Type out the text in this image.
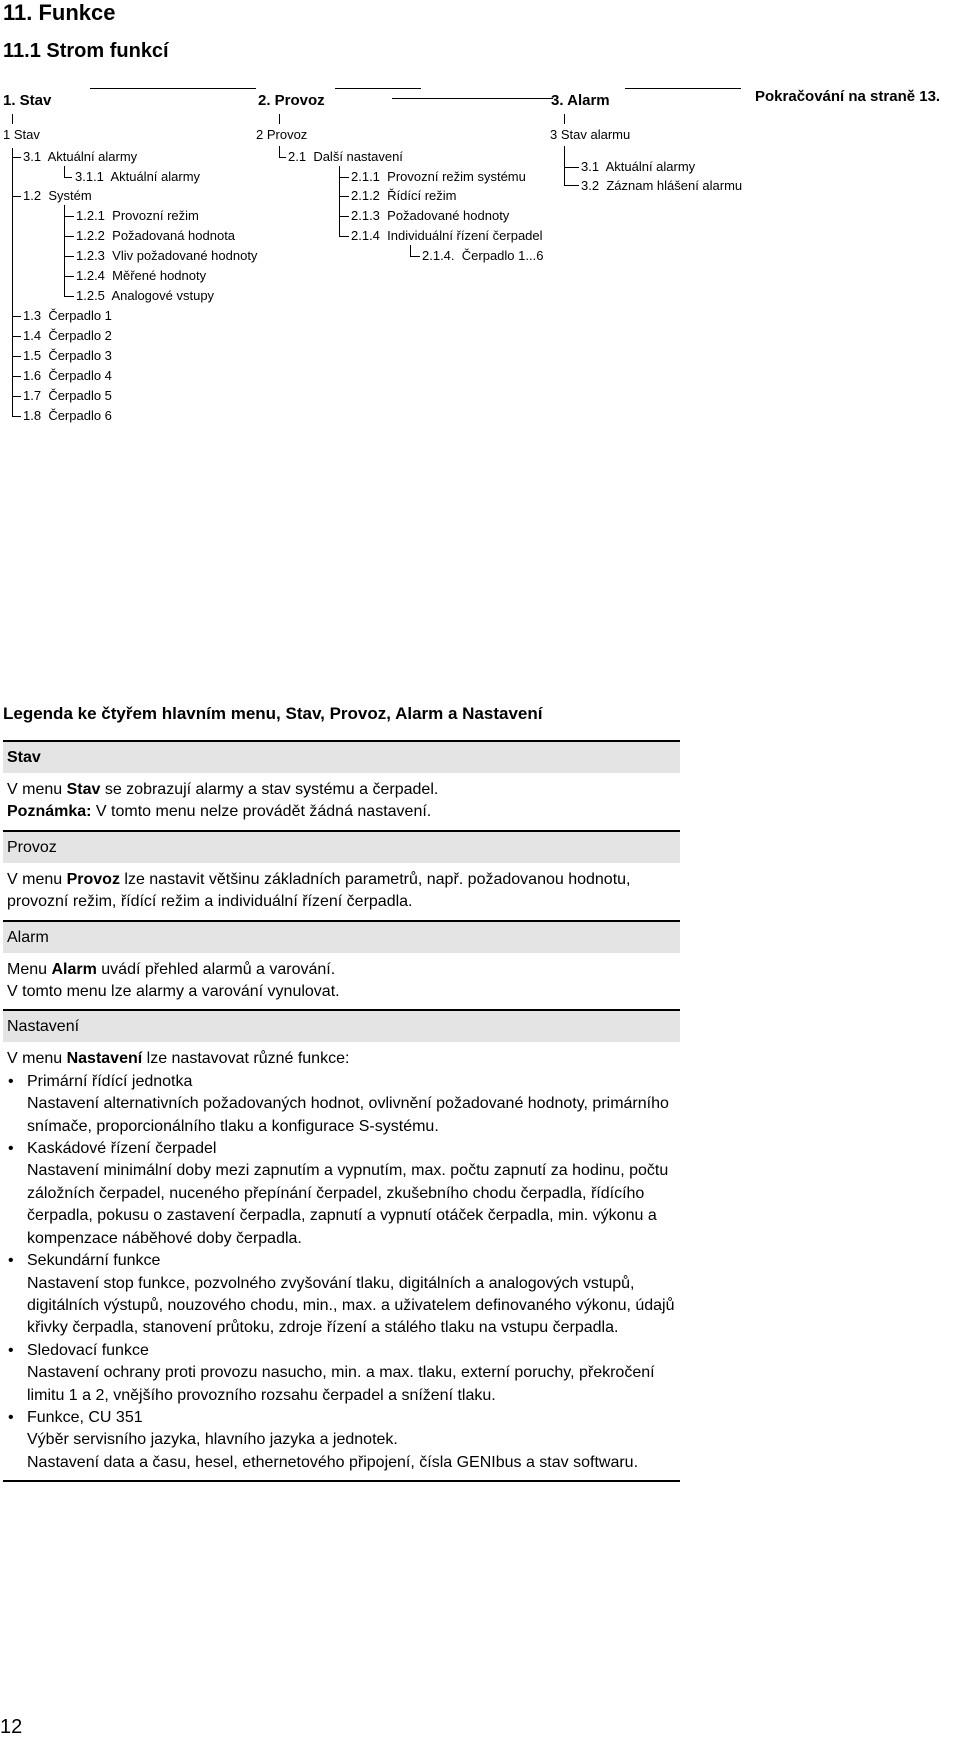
11. Funkce
11.1 Strom funkcí
1. Stav	2. Provoz	3. Alarm	Pokračování na straně 13.
1 Stav
3.1 Aktuální alarmy
3.1.1 Aktuální alarmy
1.2 Systém
1.2.1 Provozní režim
1.2.2 Požadovaná hodnota
1.2.3 Vliv požadované hodnoty
1.2.4 Měřené hodnoty
1.2.5 Analogové vstupy
1.3 Čerpadlo 1
1.4 Čerpadlo 2
1.5 Čerpadlo 3
1.6 Čerpadlo 4
1.7 Čerpadlo 5
1.8 Čerpadlo 6
2 Provoz
2.1 Další nastavení
2.1.1 Provozní režim systému
2.1.2 Řídící režim
2.1.3 Požadované hodnoty
2.1.4 Individuální řízení čerpadel
2.1.4. Čerpadlo 1...6
3 Stav alarmu
3.1 Aktuální alarmy
3.2 Záznam hlášení alarmu
Legenda ke čtyřem hlavním menu, Stav, Provoz, Alarm a Nastavení
Stav

V menu Stav se zobrazují alarmy a stav systému a čerpadel.

Poznámka: V tomto menu nelze provádět žádná nastavení.

Provoz

V menu Provoz lze nastavit většinu základních parametrů, např. požadovanou hodnotu, provozní režim, řídící režim a individuální řízení čerpadla.

Alarm

Menu Alarm uvádí přehled alarmů a varování.

V tomto menu lze alarmy a varování vynulovat.

Nastavení

V menu Nastavení lze nastavovat různé funkce:

• Primární řídící jednotka

Nastavení alternativních požadovaných hodnot, ovlivnění požadované hodnoty, primárního snímače, proporcionálního tlaku a konfigurace S-systému.

• Kaskádové řízení čerpadel

Nastavení minimální doby mezi zapnutím a vypnutím, max. počtu zapnutí za hodinu, počtu záložních čerpadel, nuceného přepínání čerpadel, zkušebního chodu čerpadla, řídícího čerpadla, pokusu o zastavení čerpadla, zapnutí a vypnutí otáček čerpadla, min. výkonu a kompenzace náběhové doby čerpadla.

• Sekundární funkce

Nastavení stop funkce, pozvolného zvyšování tlaku, digitálních a analogových vstupů, digitálních výstupů, nouzového chodu, min., max. a uživatelem definovaného výkonu, údajů křivky čerpadla, stanovení průtoku, zdroje řízení a stálého tlaku na vstupu čerpadla.

• Sledovací funkce

Nastavení ochrany proti provozu nasucho, min. a max. tlaku, externí poruchy, překročení limitu 1 a 2, vnějšího provozního rozsahu čerpadel a snížení tlaku.

• Funkce, CU 351

Výběr servisního jazyka, hlavního jazyka a jednotek.

Nastavení data a času, hesel, ethernetového připojení, čísla GENIbus a stav softwaru.

12
